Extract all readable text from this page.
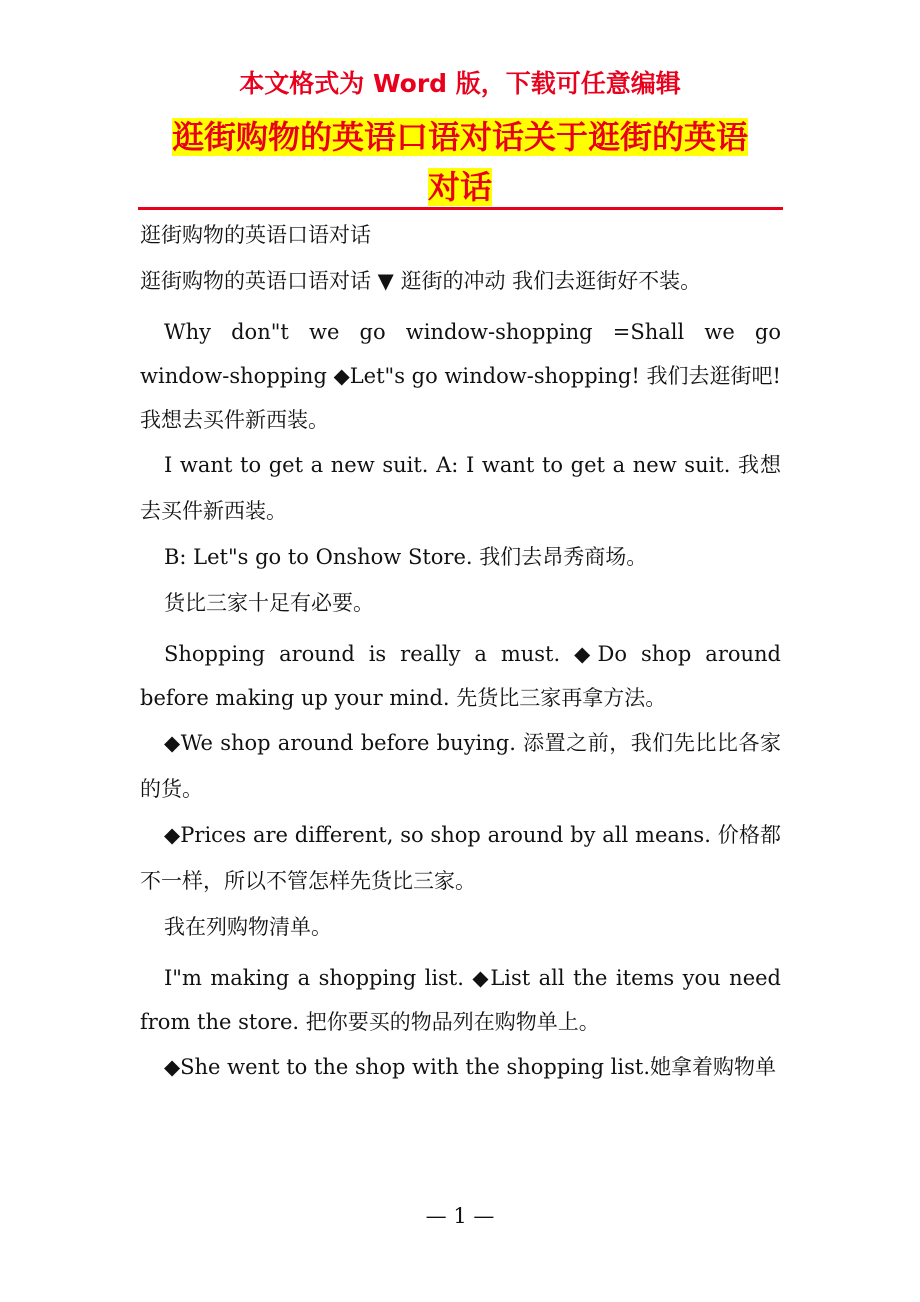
本文格式为 Word 版，下载可任意编辑
逛街购物的英语口语对话关于逛街的英语
对话

逛街购物的英语口语对话

逛街购物的英语口语对话 ▼ 逛街的冲动 我们去逛街好不装。

Why don"t we go window-shopping =Shall we go window-shopping ◆Let"s go window-shopping! 我们去逛街吧! 我想去买件新西装。

I want to get a new suit. A: I want to get a new suit. 我想去买件新西装。

B: Let"s go to Onshow Store. 我们去昂秀商场。

货比三家十足有必要。

Shopping around is really a must. ◆Do shop around before making up your mind. 先货比三家再拿方法。

◆We shop around before buying. 添置之前，我们先比比各家的货。

◆Prices are different, so shop around by all means. 价格都不一样，所以不管怎样先货比三家。

我在列购物清单。

I"m making a shopping list. ◆List all the items you need from the store. 把你要买的物品列在购物单上。

◆She went to the shop with the shopping list.她拿着购物单

— 1 —
